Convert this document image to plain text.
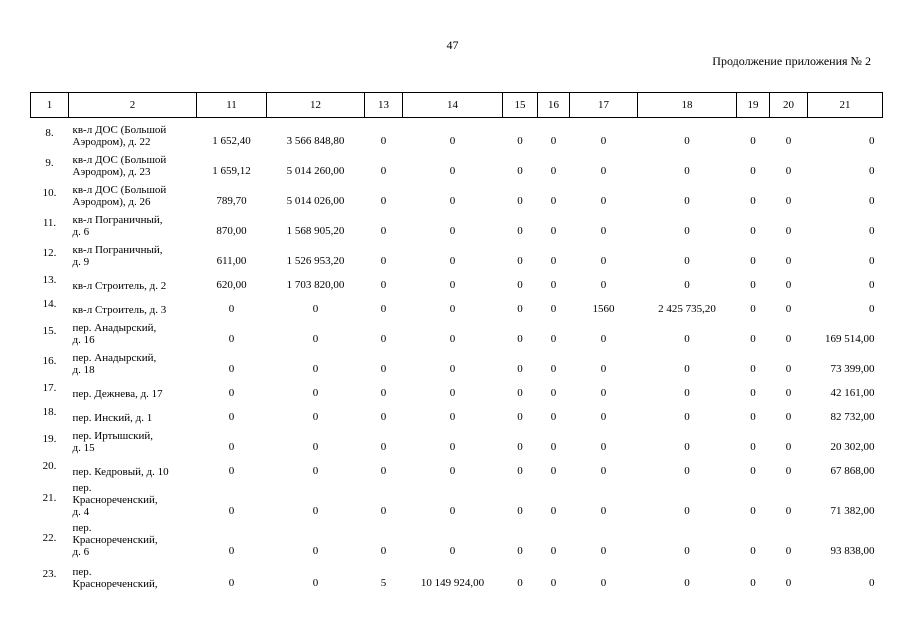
47
Продолжение приложения № 2
1	2	11	12	13	14	15	16	17	18	19	20	21
8.	кв-л ДОС (Большой
Аэродром), д. 22	1 652,40	3 566 848,80	0	0	0	0	0	0	0	0	0
9.	кв-л ДОС (Большой
Аэродром), д. 23	1 659,12	5 014 260,00	0	0	0	0	0	0	0	0	0
10.	кв-л ДОС (Большой
Аэродром), д. 26	789,70	5 014 026,00	0	0	0	0	0	0	0	0	0
11.	кв-л Пограничный,
д. 6	870,00	1 568 905,20	0	0	0	0	0	0	0	0	0
12.	кв-л Пограничный,
д. 9	611,00	1 526 953,20	0	0	0	0	0	0	0	0	0
13.	кв-л Строитель, д. 2	620,00	1 703 820,00	0	0	0	0	0	0	0	0	0
14.	кв-л Строитель, д. 3	0	0	0	0	0	0	1560	2 425 735,20	0	0	0
15.	пер. Анадырский,
д. 16	0	0	0	0	0	0	0	0	0	0	169 514,00
16.	пер. Анадырский,
д. 18	0	0	0	0	0	0	0	0	0	0	73 399,00
17.	пер. Дежнева, д. 17	0	0	0	0	0	0	0	0	0	0	42 161,00
18.	пер. Инский, д. 1	0	0	0	0	0	0	0	0	0	0	82 732,00
19.	пер. Иртышский,
д. 15	0	0	0	0	0	0	0	0	0	0	20 302,00
20.	пер. Кедровый, д. 10	0	0	0	0	0	0	0	0	0	0	67 868,00
21.	пер.
Краснореченский,
д. 4	0	0	0	0	0	0	0	0	0	0	71 382,00
22.	пер.
Краснореченский,
д. 6	0	0	0	0	0	0	0	0	0	0	93 838,00
23.	пер.
Краснореченский,	0	0	5	10 149 924,00	0	0	0	0	0	0	0
